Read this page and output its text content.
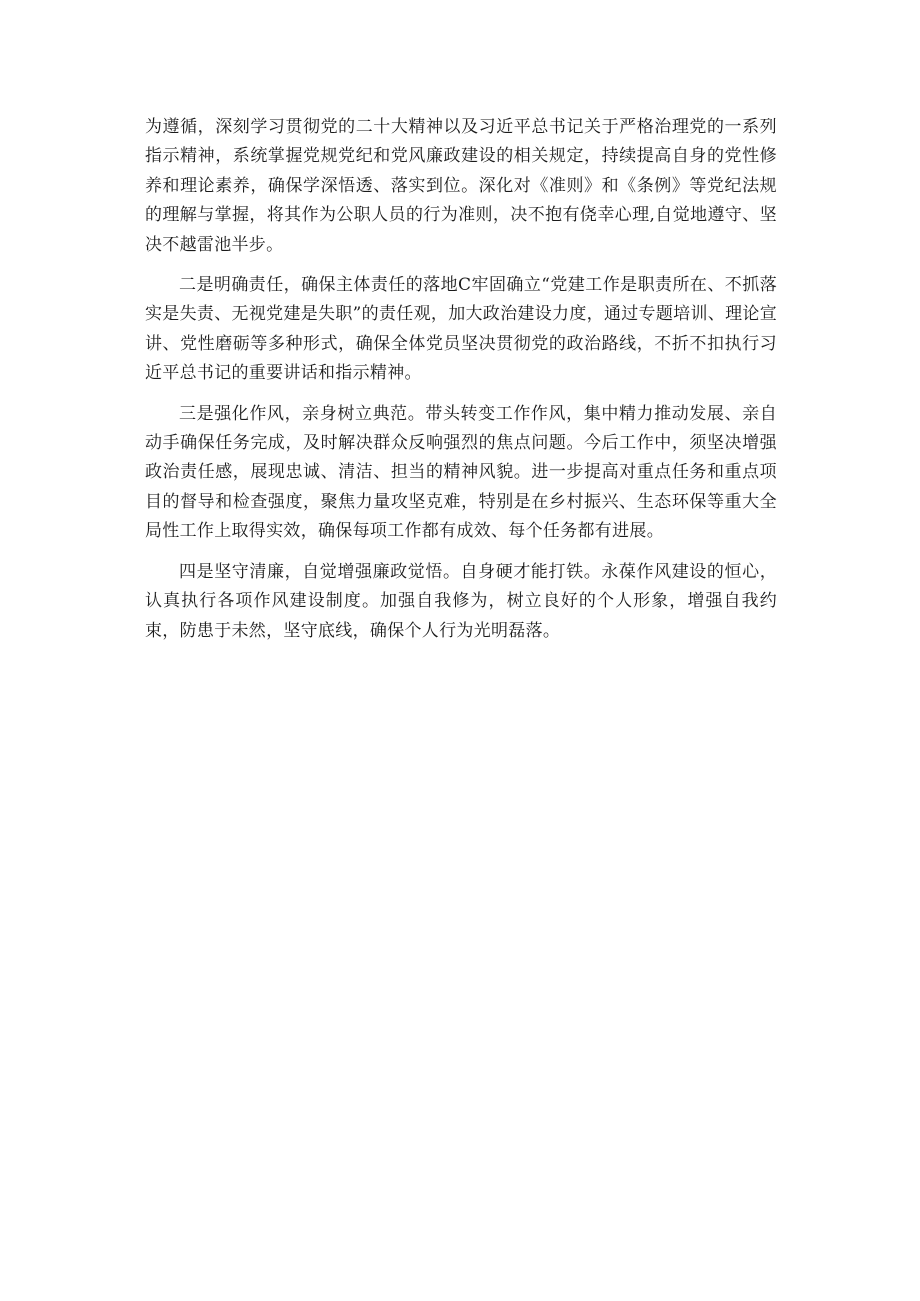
为遵循，深刻学习贯彻党的二十大精神以及习近平总书记关于严格治理党的一系列指示精神，系统掌握党规党纪和党风廉政建设的相关规定，持续提高自身的党性修养和理论素养，确保学深悟透、落实到位。深化对《准则》和《条例》等党纪法规的理解与掌握，将其作为公职人员的行为准则，决不抱有侥幸心理,自觉地遵守、坚决不越雷池半步。

二是明确责任，确保主体责任的落地C牢固确立“党建工作是职责所在、不抓落实是失责、无视党建是失职”的责任观，加大政治建设力度，通过专题培训、理论宣讲、党性磨砺等多种形式，确保全体党员坚决贯彻党的政治路线，不折不扣执行习近平总书记的重要讲话和指示精神。

三是强化作风，亲身树立典范。带头转变工作作风，集中精力推动发展、亲自动手确保任务完成，及时解决群众反响强烈的焦点问题。今后工作中，须坚决增强政治责任感，展现忠诚、清洁、担当的精神风貌。进一步提高对重点任务和重点项目的督导和检查强度，聚焦力量攻坚克难，特别是在乡村振兴、生态环保等重大全局性工作上取得实效，确保每项工作都有成效、每个任务都有进展。

四是坚守清廉，自觉增强廉政觉悟。自身硬才能打铁。永葆作风建设的恒心，认真执行各项作风建设制度。加强自我修为，树立良好的个人形象，增强自我约束，防患于未然，坚守底线，确保个人行为光明磊落。
